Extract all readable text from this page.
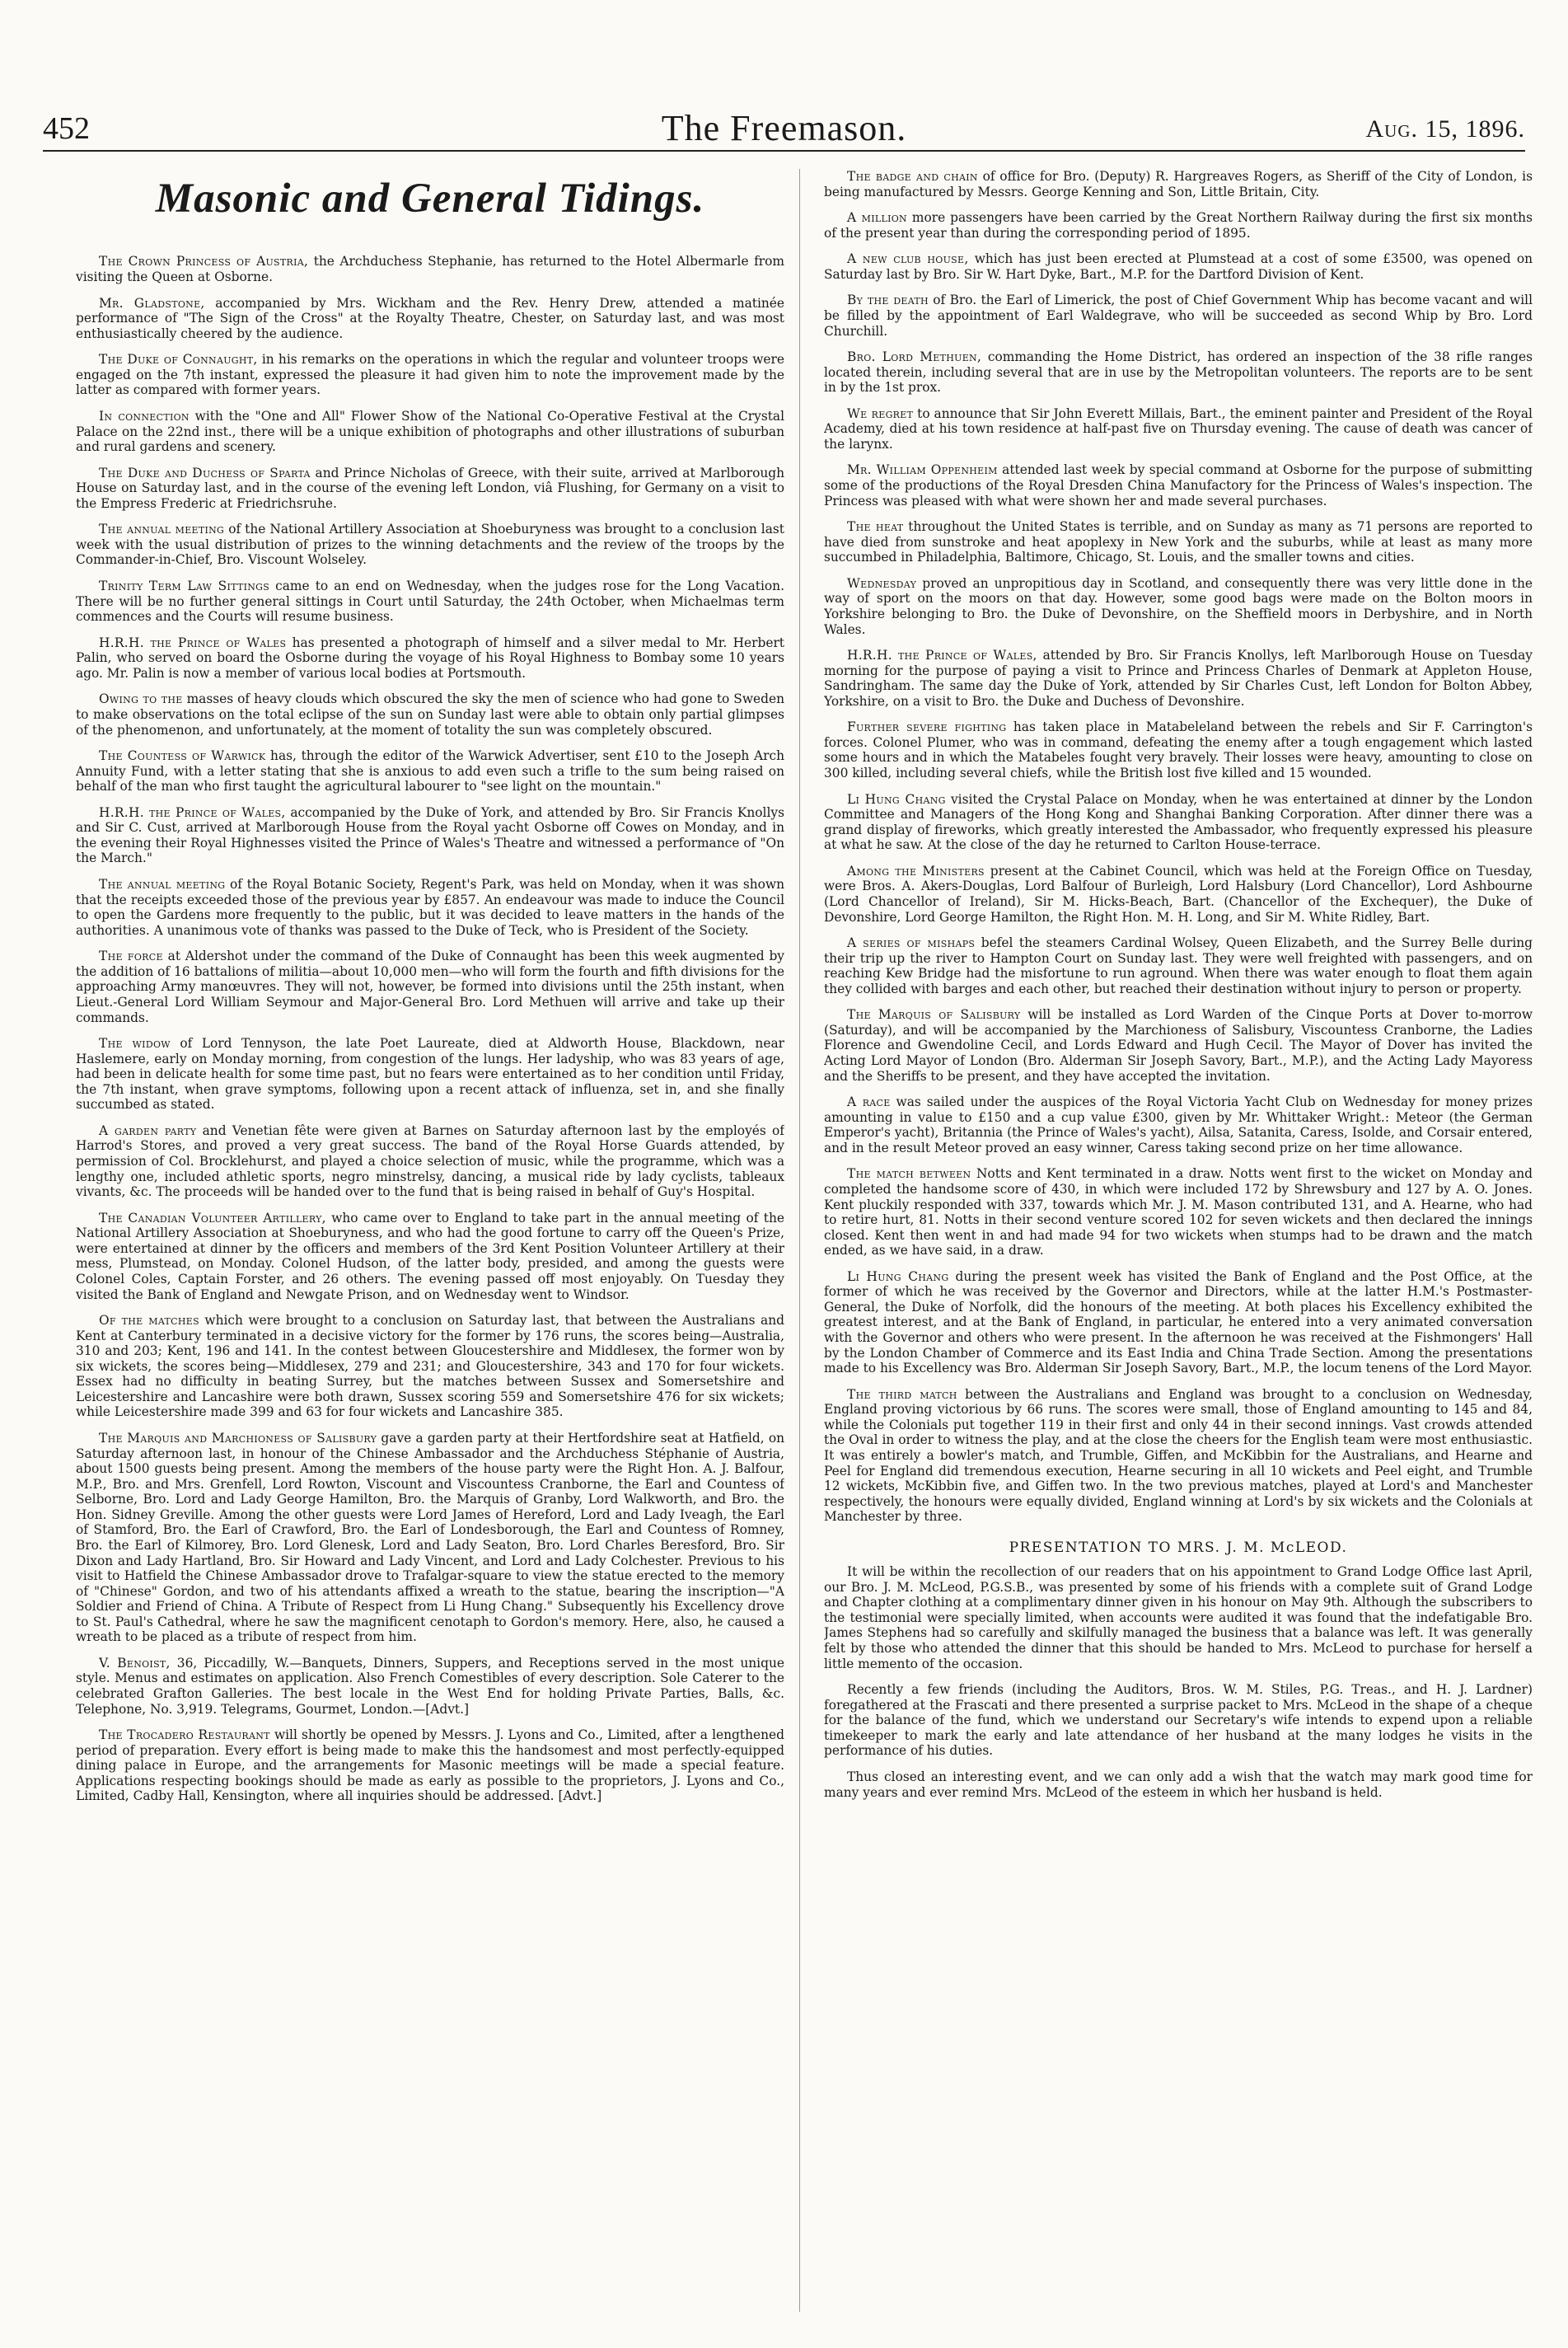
452	The Freemason.	Aug. 15, 1896.
Masonic and General Tidings.

The Crown Princess of Austria, the Archduchess Stephanie, has returned to the Hotel Albermarle from visiting the Queen at Osborne.

Mr. Gladstone, accompanied by Mrs. Wickham and the Rev. Henry Drew, attended a matinée performance of "The Sign of the Cross" at the Royalty Theatre, Chester, on Saturday last, and was most enthusiastically cheered by the audience.

The Duke of Connaught, in his remarks on the operations in which the regular and volunteer troops were engaged on the 7th instant, expressed the pleasure it had given him to note the improvement made by the latter as compared with former years.

In connection with the "One and All" Flower Show of the National Co-Operative Festival at the Crystal Palace on the 22nd inst., there will be a unique exhibition of photographs and other illustrations of suburban and rural gardens and scenery.

The Duke and Duchess of Sparta and Prince Nicholas of Greece, with their suite, arrived at Marlborough House on Saturday last, and in the course of the evening left London, viâ Flushing, for Germany on a visit to the Empress Frederic at Friedrichsruhe.

The annual meeting of the National Artillery Association at Shoeburyness was brought to a conclusion last week with the usual distribution of prizes to the winning detachments and the review of the troops by the Commander-in-Chief, Bro. Viscount Wolseley.

Trinity Term Law Sittings came to an end on Wednesday, when the judges rose for the Long Vacation. There will be no further general sittings in Court until Saturday, the 24th October, when Michaelmas term commences and the Courts will resume business.

H.R.H. the Prince of Wales has presented a photograph of himself and a silver medal to Mr. Herbert Palin, who served on board the Osborne during the voyage of his Royal Highness to Bombay some 10 years ago. Mr. Palin is now a member of various local bodies at Portsmouth.

Owing to the masses of heavy clouds which obscured the sky the men of science who had gone to Sweden to make observations on the total eclipse of the sun on Sunday last were able to obtain only partial glimpses of the phenomenon, and unfortunately, at the moment of totality the sun was completely obscured.

The Countess of Warwick has, through the editor of the Warwick Advertiser, sent £10 to the Joseph Arch Annuity Fund, with a letter stating that she is anxious to add even such a trifle to the sum being raised on behalf of the man who first taught the agricultural labourer to "see light on the mountain."

H.R.H. the Prince of Wales, accompanied by the Duke of York, and attended by Bro. Sir Francis Knollys and Sir C. Cust, arrived at Marlborough House from the Royal yacht Osborne off Cowes on Monday, and in the evening their Royal Highnesses visited the Prince of Wales's Theatre and witnessed a performance of "On the March."

The annual meeting of the Royal Botanic Society, Regent's Park, was held on Monday, when it was shown that the receipts exceeded those of the previous year by £857. An endeavour was made to induce the Council to open the Gardens more frequently to the public, but it was decided to leave matters in the hands of the authorities. A unanimous vote of thanks was passed to the Duke of Teck, who is President of the Society.

The force at Aldershot under the command of the Duke of Connaught has been this week augmented by the addition of 16 battalions of militia—about 10,000 men—who will form the fourth and fifth divisions for the approaching Army manœuvres. They will not, however, be formed into divisions until the 25th instant, when Lieut.-General Lord William Seymour and Major-General Bro. Lord Methuen will arrive and take up their commands.

The widow of Lord Tennyson, the late Poet Laureate, died at Aldworth House, Blackdown, near Haslemere, early on Monday morning, from congestion of the lungs. Her ladyship, who was 83 years of age, had been in delicate health for some time past, but no fears were entertained as to her condition until Friday, the 7th instant, when grave symptoms, following upon a recent attack of influenza, set in, and she finally succumbed as stated.

A garden party and Venetian fête were given at Barnes on Saturday afternoon last by the employés of Harrod's Stores, and proved a very great success. The band of the Royal Horse Guards attended, by permission of Col. Brocklehurst, and played a choice selection of music, while the programme, which was a lengthy one, included athletic sports, negro minstrelsy, dancing, a musical ride by lady cyclists, tableaux vivants, &c. The proceeds will be handed over to the fund that is being raised in behalf of Guy's Hospital.

The Canadian Volunteer Artillery, who came over to England to take part in the annual meeting of the National Artillery Association at Shoeburyness, and who had the good fortune to carry off the Queen's Prize, were entertained at dinner by the officers and members of the 3rd Kent Position Volunteer Artillery at their mess, Plumstead, on Monday. Colonel Hudson, of the latter body, presided, and among the guests were Colonel Coles, Captain Forster, and 26 others. The evening passed off most enjoyably. On Tuesday they visited the Bank of England and Newgate Prison, and on Wednesday went to Windsor.

Of the matches which were brought to a conclusion on Saturday last, that between the Australians and Kent at Canterbury terminated in a decisive victory for the former by 176 runs, the scores being—Australia, 310 and 203; Kent, 196 and 141. In the contest between Gloucestershire and Middlesex, the former won by six wickets, the scores being—Middlesex, 279 and 231; and Gloucestershire, 343 and 170 for four wickets. Essex had no difficulty in beating Surrey, but the matches between Sussex and Somersetshire and Leicestershire and Lancashire were both drawn, Sussex scoring 559 and Somersetshire 476 for six wickets; while Leicestershire made 399 and 63 for four wickets and Lancashire 385.

The Marquis and Marchioness of Salisbury gave a garden party at their Hertfordshire seat at Hatfield, on Saturday afternoon last, in honour of the Chinese Ambassador and the Archduchess Stéphanie of Austria, about 1500 guests being present. Among the members of the house party were the Right Hon. A. J. Balfour, M.P., Bro. and Mrs. Grenfell, Lord Rowton, Viscount and Viscountess Cranborne, the Earl and Countess of Selborne, Bro. Lord and Lady George Hamilton, Bro. the Marquis of Granby, Lord Walkworth, and Bro. the Hon. Sidney Greville. Among the other guests were Lord James of Hereford, Lord and Lady Iveagh, the Earl of Stamford, Bro. the Earl of Crawford, Bro. the Earl of Londesborough, the Earl and Countess of Romney, Bro. the Earl of Kilmorey, Bro. Lord Glenesk, Lord and Lady Seaton, Bro. Lord Charles Beresford, Bro. Sir Dixon and Lady Hartland, Bro. Sir Howard and Lady Vincent, and Lord and Lady Colchester. Previous to his visit to Hatfield the Chinese Ambassador drove to Trafalgar-square to view the statue erected to the memory of "Chinese" Gordon, and two of his attendants affixed a wreath to the statue, bearing the inscription—"A Soldier and Friend of China. A Tribute of Respect from Li Hung Chang." Subsequently his Excellency drove to St. Paul's Cathedral, where he saw the magnificent cenotaph to Gordon's memory. Here, also, he caused a wreath to be placed as a tribute of respect from him.

V. Benoist, 36, Piccadilly, W.—Banquets, Dinners, Suppers, and Receptions served in the most unique style. Menus and estimates on application. Also French Comestibles of every description. Sole Caterer to the celebrated Grafton Galleries. The best locale in the West End for holding Private Parties, Balls, &c. Telephone, No. 3,919. Telegrams, Gourmet, London.—[Advt.]

The Trocadero Restaurant will shortly be opened by Messrs. J. Lyons and Co., Limited, after a lengthened period of preparation. Every effort is being made to make this the handsomest and most perfectly-equipped dining palace in Europe, and the arrangements for Masonic meetings will be made a special feature. Applications respecting bookings should be made as early as possible to the proprietors, J. Lyons and Co., Limited, Cadby Hall, Kensington, where all inquiries should be addressed. [Advt.]

The badge and chain of office for Bro. (Deputy) R. Hargreaves Rogers, as Sheriff of the City of London, is being manufactured by Messrs. George Kenning and Son, Little Britain, City.

A million more passengers have been carried by the Great Northern Railway during the first six months of the present year than during the corresponding period of 1895.

A new club house, which has just been erected at Plumstead at a cost of some £3500, was opened on Saturday last by Bro. Sir W. Hart Dyke, Bart., M.P. for the Dartford Division of Kent.

By the death of Bro. the Earl of Limerick, the post of Chief Government Whip has become vacant and will be filled by the appointment of Earl Waldegrave, who will be succeeded as second Whip by Bro. Lord Churchill.

Bro. Lord Methuen, commanding the Home District, has ordered an inspection of the 38 rifle ranges located therein, including several that are in use by the Metropolitan volunteers. The reports are to be sent in by the 1st prox.

We regret to announce that Sir John Everett Millais, Bart., the eminent painter and President of the Royal Academy, died at his town residence at half-past five on Thursday evening. The cause of death was cancer of the larynx.

Mr. William Oppenheim attended last week by special command at Osborne for the purpose of submitting some of the productions of the Royal Dresden China Manufactory for the Princess of Wales's inspection. The Princess was pleased with what were shown her and made several purchases.

The heat throughout the United States is terrible, and on Sunday as many as 71 persons are reported to have died from sunstroke and heat apoplexy in New York and the suburbs, while at least as many more succumbed in Philadelphia, Baltimore, Chicago, St. Louis, and the smaller towns and cities.

Wednesday proved an unpropitious day in Scotland, and consequently there was very little done in the way of sport on the moors on that day. However, some good bags were made on the Bolton moors in Yorkshire belonging to Bro. the Duke of Devonshire, on the Sheffield moors in Derbyshire, and in North Wales.

H.R.H. the Prince of Wales, attended by Bro. Sir Francis Knollys, left Marlborough House on Tuesday morning for the purpose of paying a visit to Prince and Princess Charles of Denmark at Appleton House, Sandringham. The same day the Duke of York, attended by Sir Charles Cust, left London for Bolton Abbey, Yorkshire, on a visit to Bro. the Duke and Duchess of Devonshire.

Further severe fighting has taken place in Matabeleland between the rebels and Sir F. Carrington's forces. Colonel Plumer, who was in command, defeating the enemy after a tough engagement which lasted some hours and in which the Matabeles fought very bravely. Their losses were heavy, amounting to close on 300 killed, including several chiefs, while the British lost five killed and 15 wounded.

Li Hung Chang visited the Crystal Palace on Monday, when he was entertained at dinner by the London Committee and Managers of the Hong Kong and Shanghai Banking Corporation. After dinner there was a grand display of fireworks, which greatly interested the Ambassador, who frequently expressed his pleasure at what he saw. At the close of the day he returned to Carlton House-terrace.

Among the Ministers present at the Cabinet Council, which was held at the Foreign Office on Tuesday, were Bros. A. Akers-Douglas, Lord Balfour of Burleigh, Lord Halsbury (Lord Chancellor), Lord Ashbourne (Lord Chancellor of Ireland), Sir M. Hicks-Beach, Bart. (Chancellor of the Exchequer), the Duke of Devonshire, Lord George Hamilton, the Right Hon. M. H. Long, and Sir M. White Ridley, Bart.

A series of mishaps befel the steamers Cardinal Wolsey, Queen Elizabeth, and the Surrey Belle during their trip up the river to Hampton Court on Sunday last. They were well freighted with passengers, and on reaching Kew Bridge had the misfortune to run aground. When there was water enough to float them again they collided with barges and each other, but reached their destination without injury to person or property.

The Marquis of Salisbury will be installed as Lord Warden of the Cinque Ports at Dover to-morrow (Saturday), and will be accompanied by the Marchioness of Salisbury, Viscountess Cranborne, the Ladies Florence and Gwendoline Cecil, and Lords Edward and Hugh Cecil. The Mayor of Dover has invited the Acting Lord Mayor of London (Bro. Alderman Sir Joseph Savory, Bart., M.P.), and the Acting Lady Mayoress and the Sheriffs to be present, and they have accepted the invitation.

A race was sailed under the auspices of the Royal Victoria Yacht Club on Wednesday for money prizes amounting in value to £150 and a cup value £300, given by Mr. Whittaker Wright.: Meteor (the German Emperor's yacht), Britannia (the Prince of Wales's yacht), Ailsa, Satanita, Caress, Isolde, and Corsair entered, and in the result Meteor proved an easy winner, Caress taking second prize on her time allowance.

The match between Notts and Kent terminated in a draw. Notts went first to the wicket on Monday and completed the handsome score of 430, in which were included 172 by Shrewsbury and 127 by A. O. Jones. Kent pluckily responded with 337, towards which Mr. J. M. Mason contributed 131, and A. Hearne, who had to retire hurt, 81. Notts in their second venture scored 102 for seven wickets and then declared the innings closed. Kent then went in and had made 94 for two wickets when stumps had to be drawn and the match ended, as we have said, in a draw.

Li Hung Chang during the present week has visited the Bank of England and the Post Office, at the former of which he was received by the Governor and Directors, while at the latter H.M.'s Postmaster-General, the Duke of Norfolk, did the honours of the meeting. At both places his Excellency exhibited the greatest interest, and at the Bank of England, in particular, he entered into a very animated conversation with the Governor and others who were present. In the afternoon he was received at the Fishmongers' Hall by the London Chamber of Commerce and its East India and China Trade Section. Among the presentations made to his Excellency was Bro. Alderman Sir Joseph Savory, Bart., M.P., the locum tenens of the Lord Mayor.

The third match between the Australians and England was brought to a conclusion on Wednesday, England proving victorious by 66 runs. The scores were small, those of England amounting to 145 and 84, while the Colonials put together 119 in their first and only 44 in their second innings. Vast crowds attended the Oval in order to witness the play, and at the close the cheers for the English team were most enthusiastic. It was entirely a bowler's match, and Trumble, Giffen, and McKibbin for the Australians, and Hearne and Peel for England did tremendous execution, Hearne securing in all 10 wickets and Peel eight, and Trumble 12 wickets, McKibbin five, and Giffen two. In the two previous matches, played at Lord's and Manchester respectively, the honours were equally divided, England winning at Lord's by six wickets and the Colonials at Manchester by three.

PRESENTATION TO MRS. J. M. McLEOD.

It will be within the recollection of our readers that on his appointment to Grand Lodge Office last April, our Bro. J. M. McLeod, P.G.S.B., was presented by some of his friends with a complete suit of Grand Lodge and Chapter clothing at a complimentary dinner given in his honour on May 9th. Although the subscribers to the testimonial were specially limited, when accounts were audited it was found that the indefatigable Bro. James Stephens had so carefully and skilfully managed the business that a balance was left. It was generally felt by those who attended the dinner that this should be handed to Mrs. McLeod to purchase for herself a little memento of the occasion.

Recently a few friends (including the Auditors, Bros. W. M. Stiles, P.G. Treas., and H. J. Lardner) foregathered at the Frascati and there presented a surprise packet to Mrs. McLeod in the shape of a cheque for the balance of the fund, which we understand our Secretary's wife intends to expend upon a reliable timekeeper to mark the early and late attendance of her husband at the many lodges he visits in the performance of his duties.

Thus closed an interesting event, and we can only add a wish that the watch may mark good time for many years and ever remind Mrs. McLeod of the esteem in which her husband is held.
